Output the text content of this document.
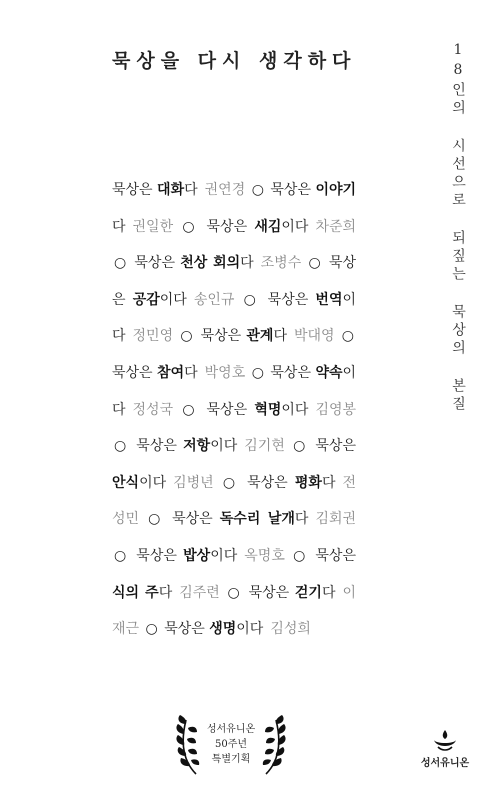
묵상을 다시 생각하다	18인의 시선으로 되짚는 묵상의 본질
묵상은 대화다  권연경 ○ 묵상은 이야기다  권일한 ○ 묵상은 새김이다  차준희 ○ 묵상은 천상 회의다  조병수 ○ 묵상은 공감이다  송인규 ○ 묵상은 번역이다  정민영 ○ 묵상은 관계다  박대영 ○ 묵상은 참여다  박영호 ○ 묵상은 약속이다  정성국 ○ 묵상은 혁명이다  김영봉 ○ 묵상은 저항이다  김기현 ○ 묵상은 안식이다  김병년 ○ 묵상은 평화다  전성민 ○ 묵상은 독수리 날개다  김회권 ○ 묵상은 밥상이다  옥명호 ○ 묵상은 식의 주다  김주련 ○ 묵상은 걷기다  이재근 ○ 묵상은 생명이다  김성희
성서유니온
50주년
특별기획	성서유니온
